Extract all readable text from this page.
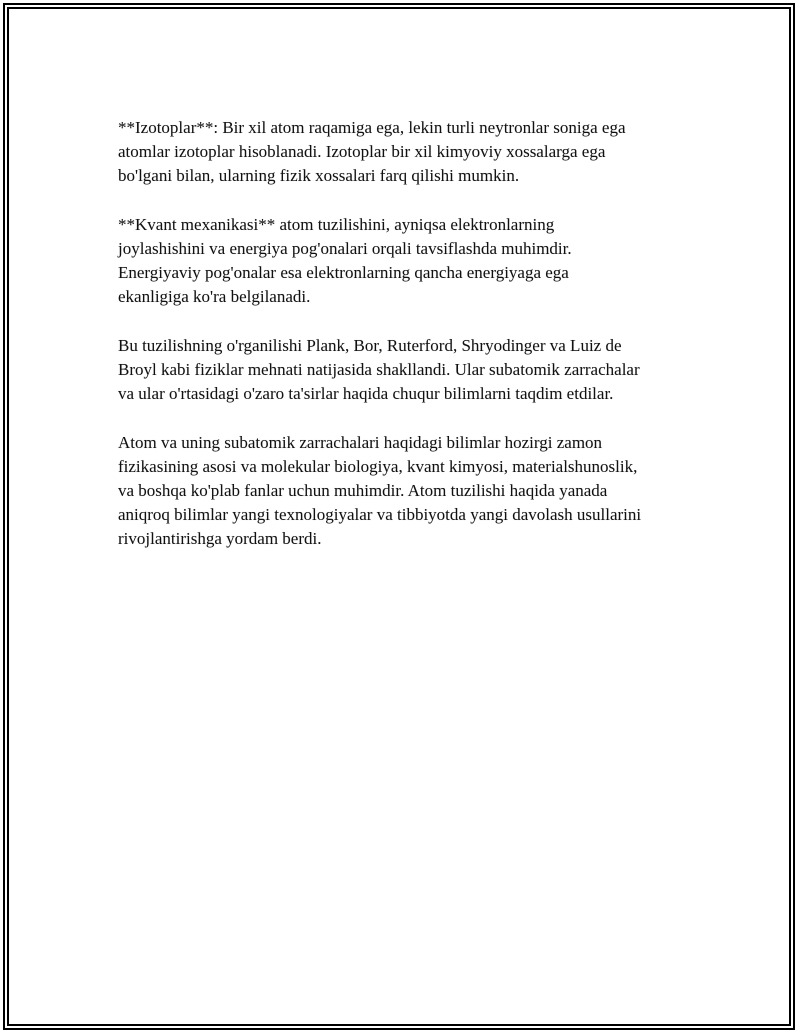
**Izotoplar**: Bir xil atom raqamiga ega, lekin turli neytronlar soniga ega
atomlar izotoplar hisoblanadi. Izotoplar bir xil kimyoviy xossalarga ega
bo'lgani bilan, ularning fizik xossalari farq qilishi mumkin.

**Kvant mexanikasi** atom tuzilishini, ayniqsa elektronlarning
joylashishini va energiya pog'onalari orqali tavsiflashda muhimdir.
Energiyaviy pog'onalar esa elektronlarning qancha energiyaga ega
ekanligiga ko'ra belgilanadi.

Bu tuzilishning o'rganilishi Plank, Bor, Ruterford, Shryodinger va Luiz de
Broyl kabi fiziklar mehnati natijasida shakllandi. Ular subatomik zarrachalar
va ular o'rtasidagi o'zaro ta'sirlar haqida chuqur bilimlarni taqdim etdilar.

Atom va uning subatomik zarrachalari haqidagi bilimlar hozirgi zamon
fizikasining asosi va molekular biologiya, kvant kimyosi, materialshunoslik,
va boshqa ko'plab fanlar uchun muhimdir. Atom tuzilishi haqida yanada
aniqroq bilimlar yangi texnologiyalar va tibbiyotda yangi davolash usullarini
rivojlantirishga yordam berdi.
